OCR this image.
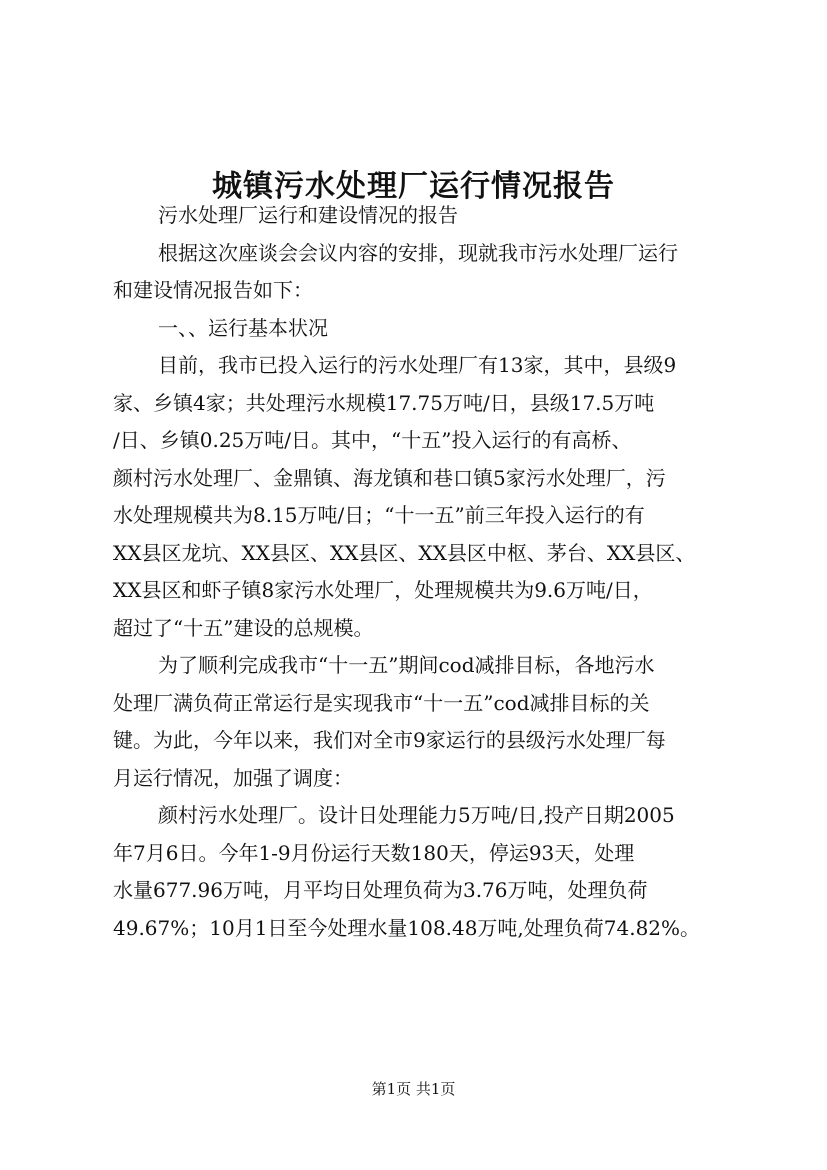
城镇污水处理厂运行情况报告
污水处理厂运行和建设情况的报告
根据这次座谈会会议内容的安排，现就我市污水处理厂运行
和建设情况报告如下：
一、、运行基本状况
目前，我市已投入运行的污水处理厂有13家，其中，县级9
家、乡镇4家；共处理污水规模17.75万吨/日，县级17.5万吨
/日、乡镇0.25万吨/日。其中，“十五”投入运行的有高桥、
颜村污水处理厂、金鼎镇、海龙镇和巷口镇5家污水处理厂，污
水处理规模共为8.15万吨/日；“十一五”前三年投入运行的有
XX县区龙坑、XX县区、XX县区、XX县区中枢、茅台、XX县区、
XX县区和虾子镇8家污水处理厂，处理规模共为9.6万吨/日，
超过了“十五”建设的总规模。
为了顺利完成我市“十一五”期间cod减排目标，各地污水
处理厂满负荷正常运行是实现我市“十一五”cod减排目标的关
键。为此，今年以来，我们对全市9家运行的县级污水处理厂每
月运行情况，加强了调度：
颜村污水处理厂。设计日处理能力5万吨/日,投产日期2005
年7月6日。今年1-9月份运行天数180天，停运93天，处理
水量677.96万吨，月平均日处理负荷为3.76万吨，处理负荷
49.67%；10月1日至今处理水量108.48万吨,处理负荷74.82%。
第1页 共1页
